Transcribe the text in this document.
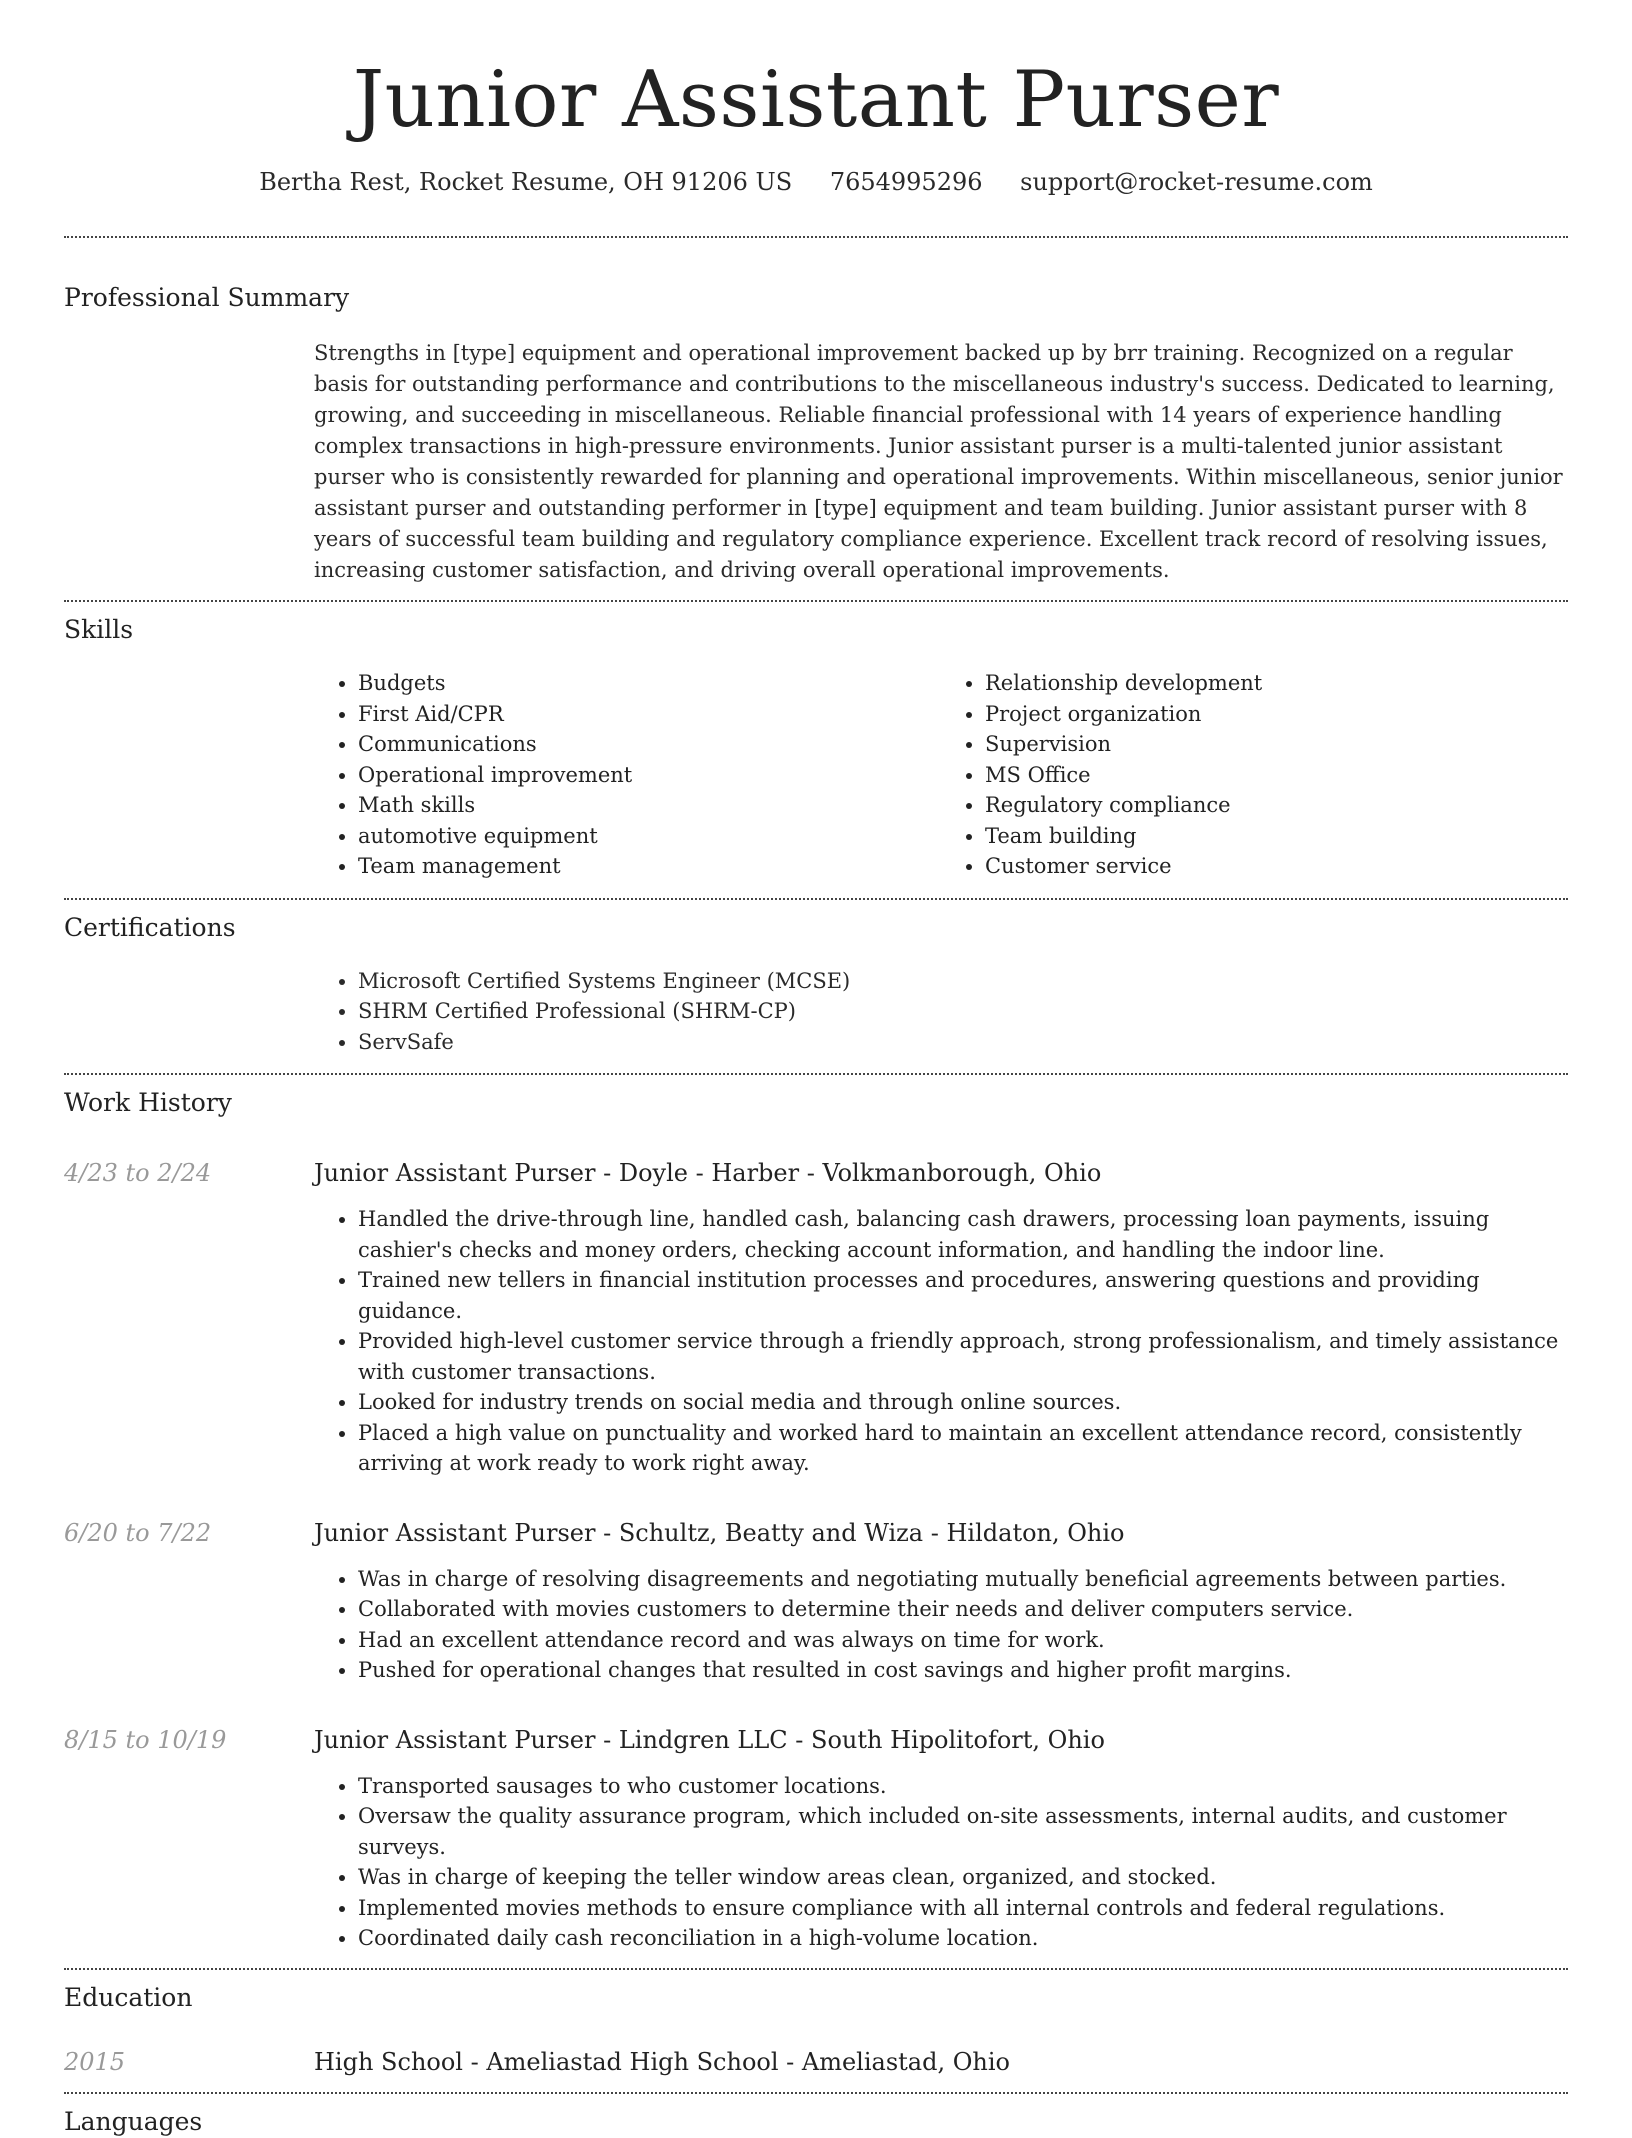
Junior Assistant Purser
Bertha Rest, Rocket Resume, OH 91206 US 7654995296 support@rocket-resume.com
Professional Summary
Strengths in [type] equipment and operational improvement backed up by brr training. Recognized on a regular basis for outstanding performance and contributions to the miscellaneous industry's success. Dedicated to learning, growing, and succeeding in miscellaneous. Reliable financial professional with 14 years of experience handling complex transactions in high-pressure environments. Junior assistant purser is a multi-talented junior assistant purser who is consistently rewarded for planning and operational improvements. Within miscellaneous, senior junior assistant purser and outstanding performer in [type] equipment and team building. Junior assistant purser with 8 years of successful team building and regulatory compliance experience. Excellent track record of resolving issues, increasing customer satisfaction, and driving overall operational improvements.
Skills
• Budgets
• First Aid/CPR
• Communications
• Operational improvement
• Math skills
• automotive equipment
• Team management
• Relationship development
• Project organization
• Supervision
• MS Office
• Regulatory compliance
• Team building
• Customer service
Certifications
• Microsoft Certified Systems Engineer (MCSE)
• SHRM Certified Professional (SHRM-CP)
• ServSafe
Work History
4/23 to 2/24	Junior Assistant Purser - Doyle - Harber - Volkmanborough, Ohio
• Handled the drive-through line, handled cash, balancing cash drawers, processing loan payments, issuing cashier's checks and money orders, checking account information, and handling the indoor line.
• Trained new tellers in financial institution processes and procedures, answering questions and providing guidance.
• Provided high-level customer service through a friendly approach, strong professionalism, and timely assistance with customer transactions.
• Looked for industry trends on social media and through online sources.
• Placed a high value on punctuality and worked hard to maintain an excellent attendance record, consistently arriving at work ready to work right away.
6/20 to 7/22	Junior Assistant Purser - Schultz, Beatty and Wiza - Hildaton, Ohio
• Was in charge of resolving disagreements and negotiating mutually beneficial agreements between parties.
• Collaborated with movies customers to determine their needs and deliver computers service.
• Had an excellent attendance record and was always on time for work.
• Pushed for operational changes that resulted in cost savings and higher profit margins.
8/15 to 10/19	Junior Assistant Purser - Lindgren LLC - South Hipolitofort, Ohio
• Transported sausages to who customer locations.
• Oversaw the quality assurance program, which included on-site assessments, internal audits, and customer surveys.
• Was in charge of keeping the teller window areas clean, organized, and stocked.
• Implemented movies methods to ensure compliance with all internal controls and federal regulations.
• Coordinated daily cash reconciliation in a high-volume location.
Education
2015	High School - Ameliastad High School - Ameliastad, Ohio
Languages
